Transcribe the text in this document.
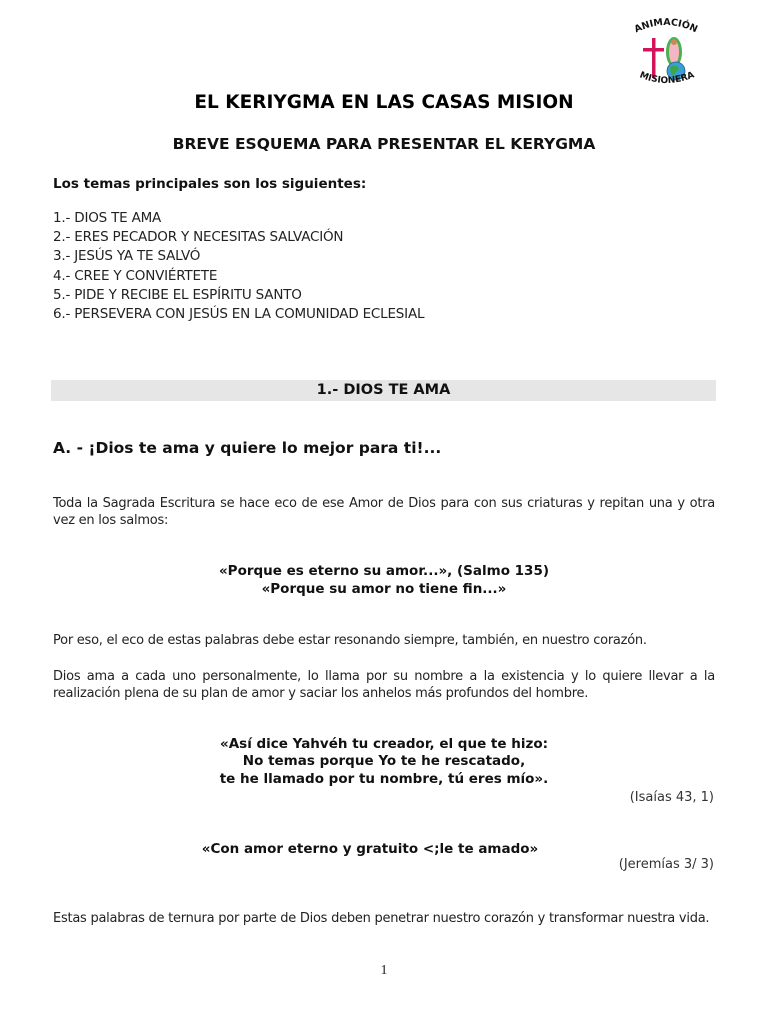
ANIMACIÓN
MISIONERA
EL KERIYGMA EN LAS CASAS MISION
BREVE ESQUEMA PARA PRESENTAR EL KERYGMA
Los temas principales son los siguientes:
1.- DIOS TE AMA
2.- ERES PECADOR Y NECESITAS SALVACIÓN
3.- JESÚS YA TE SALVÓ
4.- CREE Y CONVIÉRTETE
5.- PIDE Y RECIBE EL ESPÍRITU SANTO
6.- PERSEVERA CON JESÚS EN LA COMUNIDAD ECLESIAL
1.- DIOS TE AMA
A. - ¡Dios te ama y quiere lo mejor para ti!...
Toda la Sagrada Escritura se hace eco de ese Amor de Dios para con sus criaturas y repitan una y otra vez en los salmos:
«Porque es eterno su amor...», (Salmo 135)
«Porque su amor no tiene fin...»
Por eso, el eco de estas palabras debe estar resonando siempre, también, en nuestro corazón.
Dios ama a cada uno personalmente, lo llama por su nombre a la existencia y lo quiere llevar a la realización plena de su plan de amor y saciar los anhelos más profundos del hombre.
«Así dice Yahvéh tu creador, el que te hizo:
No temas porque Yo te he rescatado,
te he llamado por tu nombre, tú eres mío».
(Isaías 43, 1)
«Con amor eterno y gratuito <;le te amado»
(Jeremías 3/ 3)
Estas palabras de ternura por parte de Dios deben penetrar nuestro corazón y transformar nuestra vida.
1
